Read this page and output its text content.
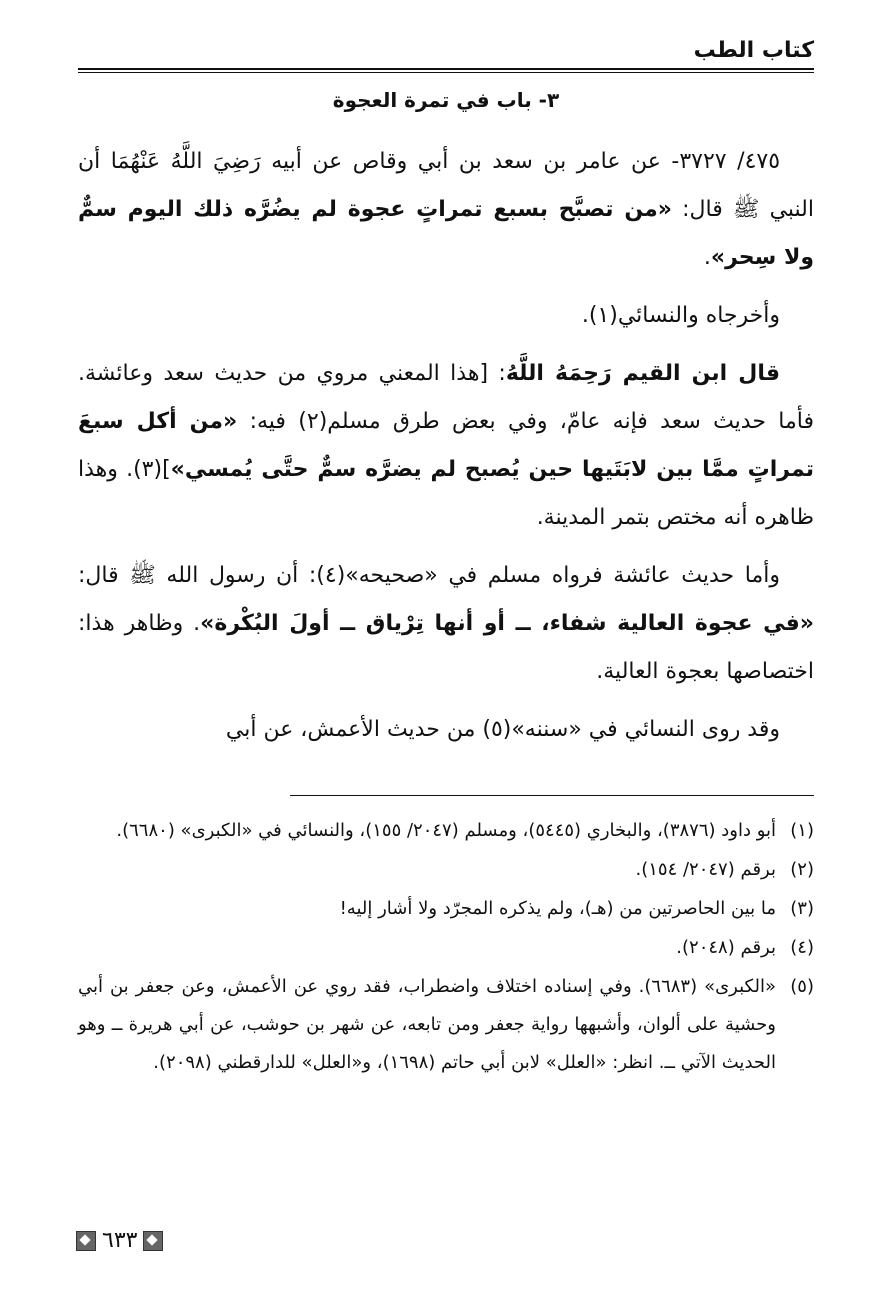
كتاب الطب
٣- باب في تمرة العجوة

٤٧٥/ ٣٧٢٧- عن عامر بن سعد بن أبي وقاص عن أبيه رَضِيَ اللَّهُ عَنْهُمَا أن النبي ﷺ قال: «من تصبَّح بسبع تمراتٍ عجوة لم يضُرَّه ذلك اليوم سمٌّ ولا سِحر».

وأخرجاه والنسائي(١).

قال ابن القيم رَحِمَهُ اللَّهُ: [هذا المعني مروي من حديث سعد وعائشة. فأما حديث سعد فإنه عامّ، وفي بعض طرق مسلم(٢) فيه: «من أكل سبعَ تمراتٍ ممَّا بين لابَتَيها حين يُصبح لم يضرَّه سمٌّ حتَّى يُمسي»](٣). وهذا ظاهره أنه مختص بتمر المدينة.

وأما حديث عائشة فرواه مسلم في «صحيحه»(٤): أن رسول الله ﷺ قال: «في عجوة العالية شفاء، ــ أو أنها تِرْياق ــ أولَ البُكْرة». وظاهر هذا: اختصاصها بعجوة العالية.

وقد روى النسائي في «سننه»(٥) من حديث الأعمش، عن أبي

(١)
أبو داود (٣٨٧٦)، والبخاري (٥٤٤٥)، ومسلم (٢٠٤٧/ ١٥٥)، والنسائي في «الكبرى» (٦٦٨٠).
(٢)
برقم (٢٠٤٧/ ١٥٤).
(٣)
ما بين الحاصرتين من (هـ)، ولم يذكره المجرّد ولا أشار إليه!
(٤)
برقم (٢٠٤٨).
(٥)
«الكبرى» (٦٦٨٣). وفي إسناده اختلاف واضطراب، فقد روي عن الأعمش، وعن جعفر بن أبي وحشية على ألوان، وأشبهها رواية جعفر ومن تابعه، عن شهر بن حوشب، عن أبي هريرة ــ وهو الحديث الآتي ــ. انظر: «العلل» لابن أبي حاتم (١٦٩٨)، و«العلل» للدارقطني (٢٠٩٨).
٦٣٣
